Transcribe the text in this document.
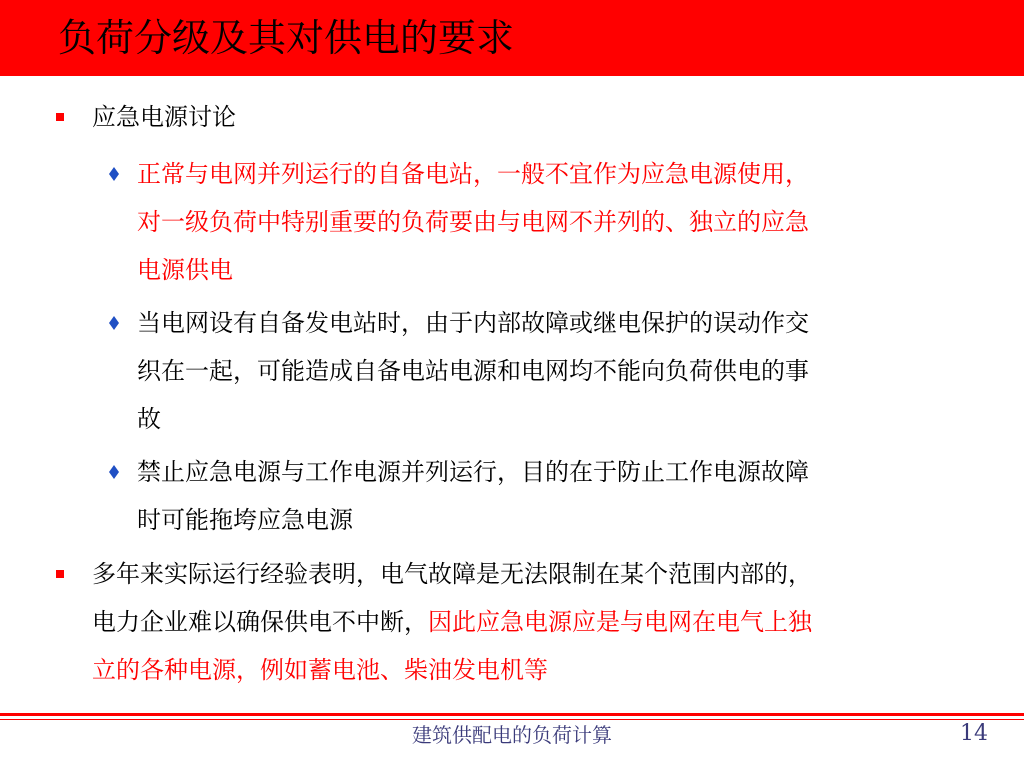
负荷分级及其对供电的要求
应急电源讨论
正常与电网并列运行的自备电站，一般不宜作为应急电源使用，
对一级负荷中特别重要的负荷要由与电网不并列的、独立的应急
电源供电
当电网设有自备发电站时，由于内部故障或继电保护的误动作交
织在一起，可能造成自备电站电源和电网均不能向负荷供电的事
故
禁止应急电源与工作电源并列运行，目的在于防止工作电源故障
时可能拖垮应急电源
多年来实际运行经验表明，电气故障是无法限制在某个范围内部的，
电力企业难以确保供电不中断，因此应急电源应是与电网在电气上独
立的各种电源，例如蓄电池、柴油发电机等
建筑供配电的负荷计算	14
